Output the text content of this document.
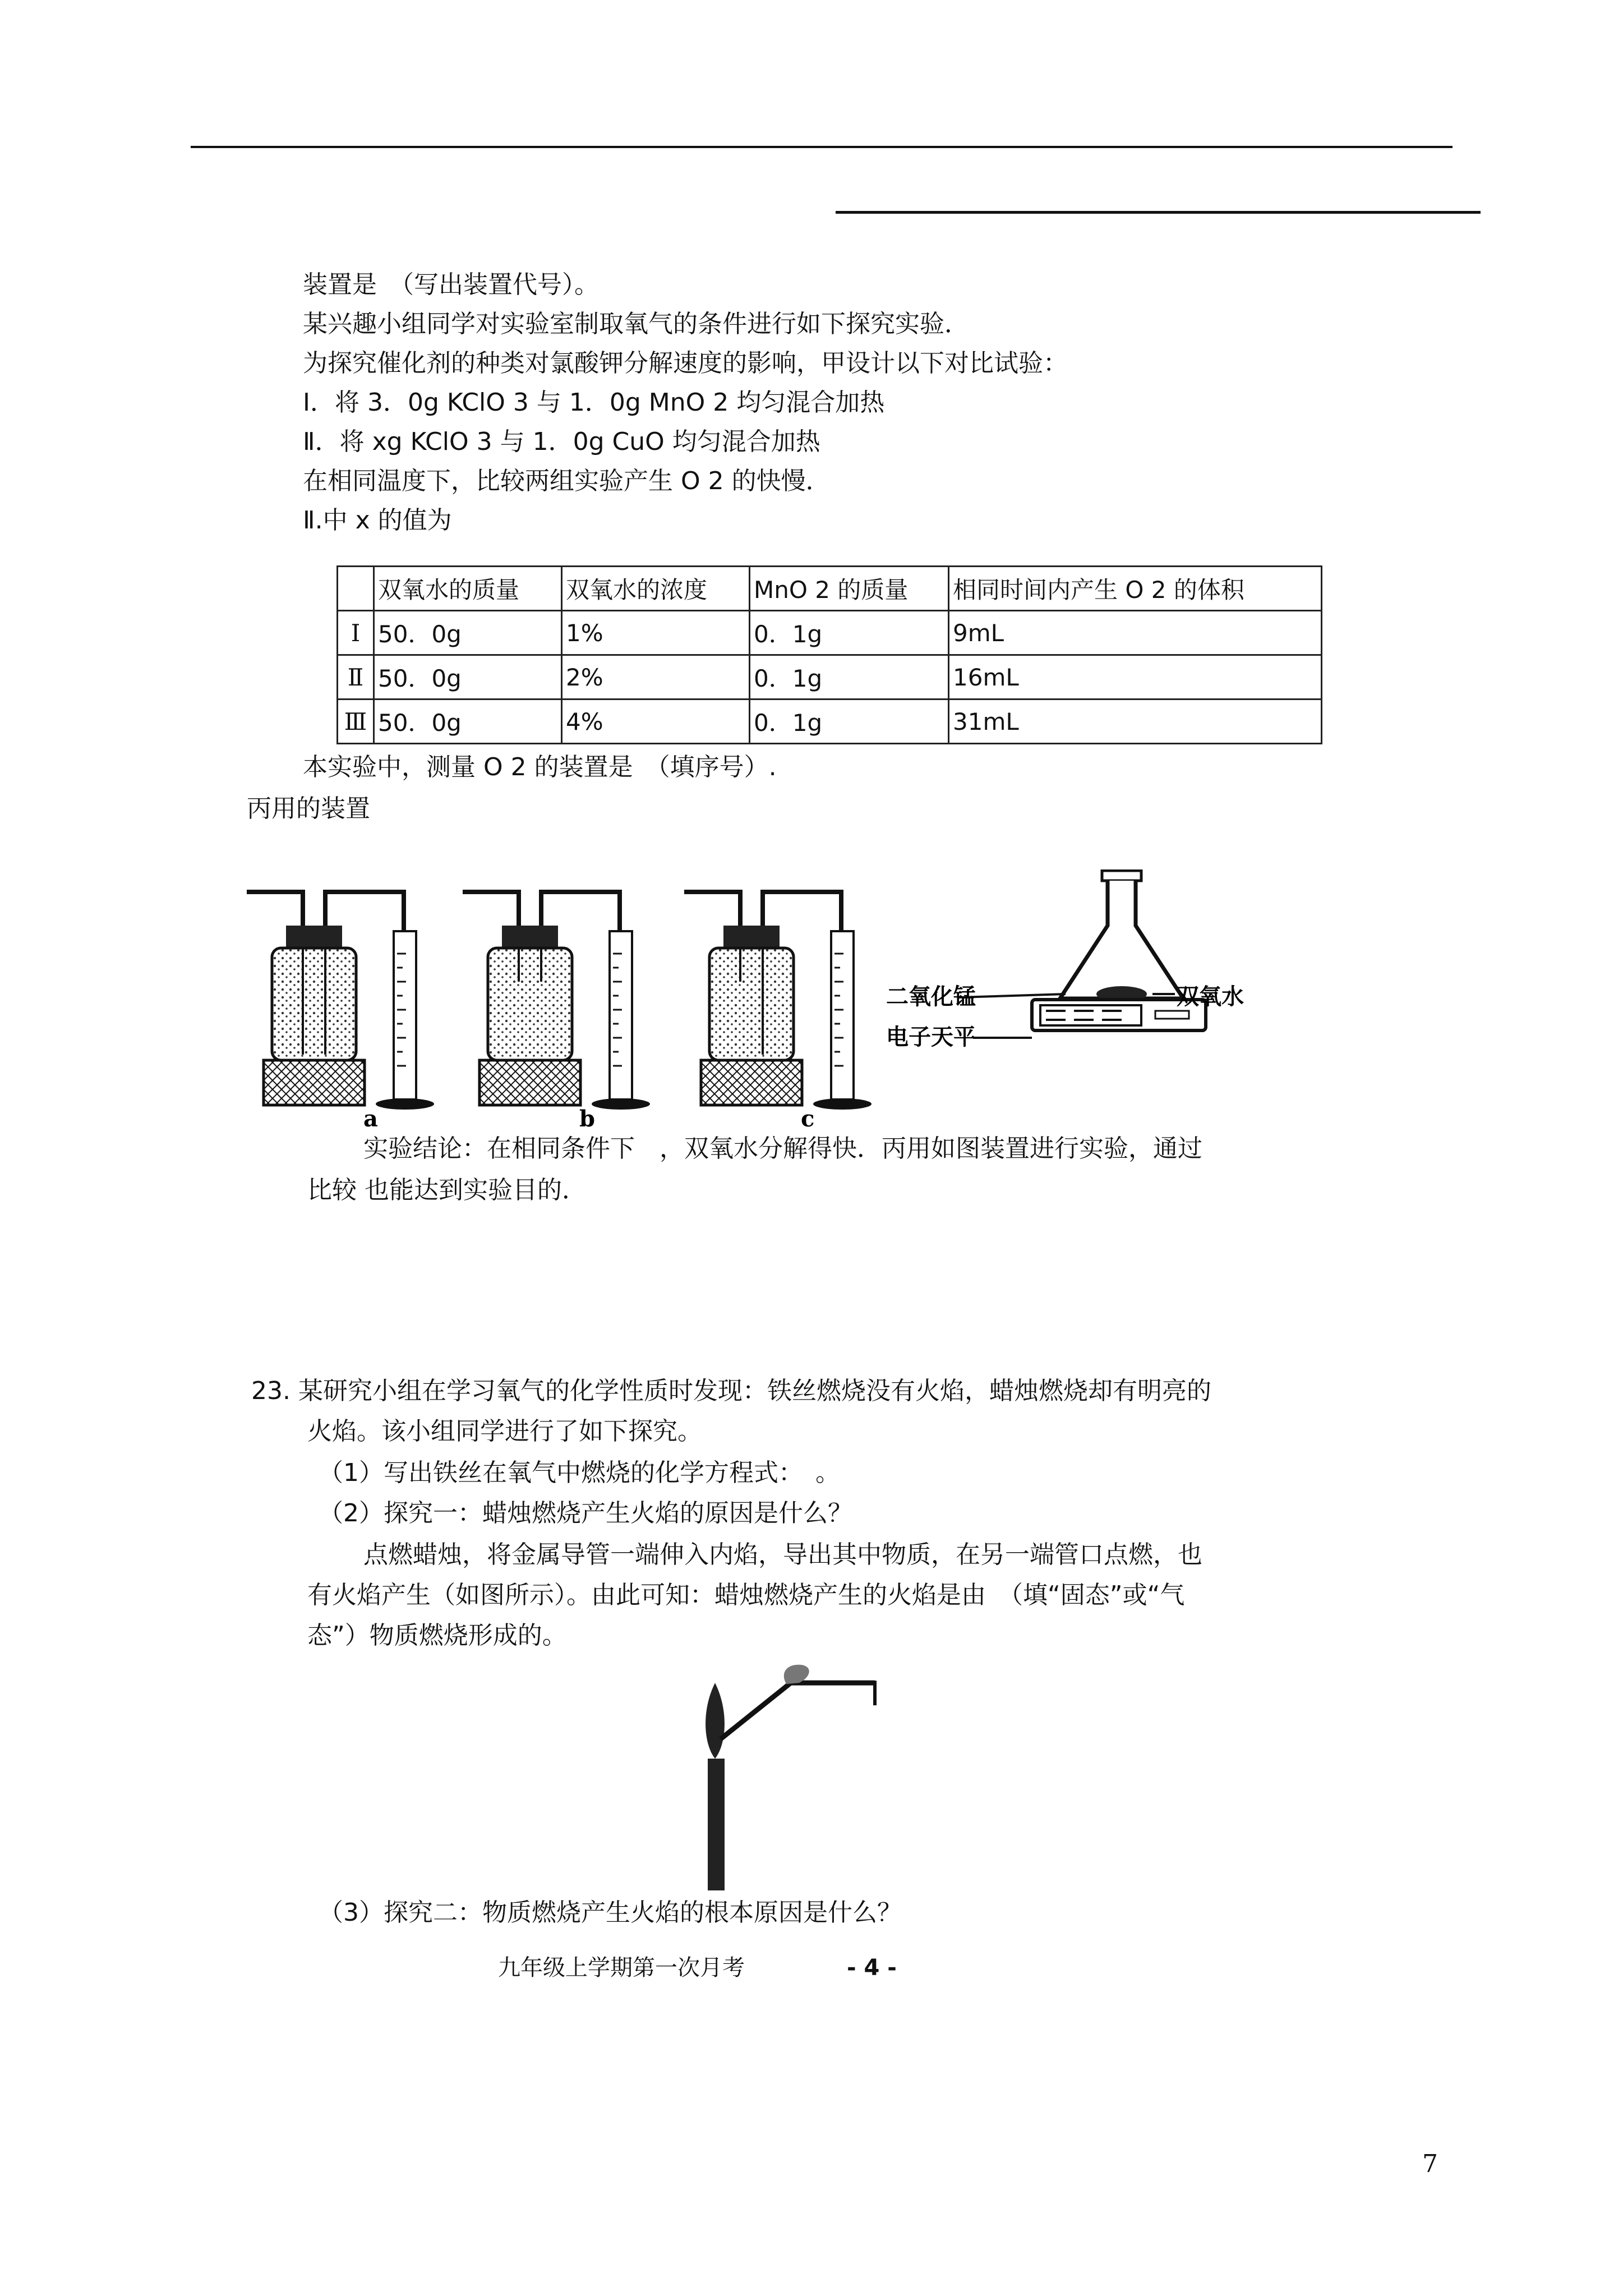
装置是　（写出装置代号）。
某兴趣小组同学对实验室制取氧气的条件进行如下探究实验．
为探究催化剂的种类对氯酸钾分解速度的影响，甲设计以下对比试验：
Ⅰ．将 3．0g KClO 3 与 1．0g MnO 2 均匀混合加热
Ⅱ．将 xg KClO 3 与 1．0g CuO 均匀混合加热
在相同温度下，比较两组实验产生 O 2 的快慢．
Ⅱ.中 x 的值为
	双氧水的质量	双氧水的浓度	MnO 2 的质量	相同时间内产生 O 2 的体积
Ⅰ	50．0g	1%	0．1g	9mL
Ⅱ	50．0g	2%	0．1g	16mL
Ⅲ	50．0g	4%	0．1g	31mL
本实验中，测量 O 2 的装置是　（填序号）.
丙用的装置
a	b	c
二氧化锰	双氧水
电子天平
实验结论：在相同条件下　，双氧水分解得快．丙用如图装置进行实验，通过
比较 也能达到实验目的．
23. 某研究小组在学习氧气的化学性质时发现：铁丝燃烧没有火焰，蜡烛燃烧却有明亮的
火焰。该小组同学进行了如下探究。
（1）写出铁丝在氧气中燃烧的化学方程式：　。
（2）探究一：蜡烛燃烧产生火焰的原因是什么？
点燃蜡烛，将金属导管一端伸入内焰，导出其中物质，在另一端管口点燃，也
有火焰产生（如图所示）。由此可知：蜡烛燃烧产生的火焰是由　（填“固态”或“气
态”）物质燃烧形成的。
（3）探究二：物质燃烧产生火焰的根本原因是什么？
九年级上学期第一次月考	- 4 -
7
